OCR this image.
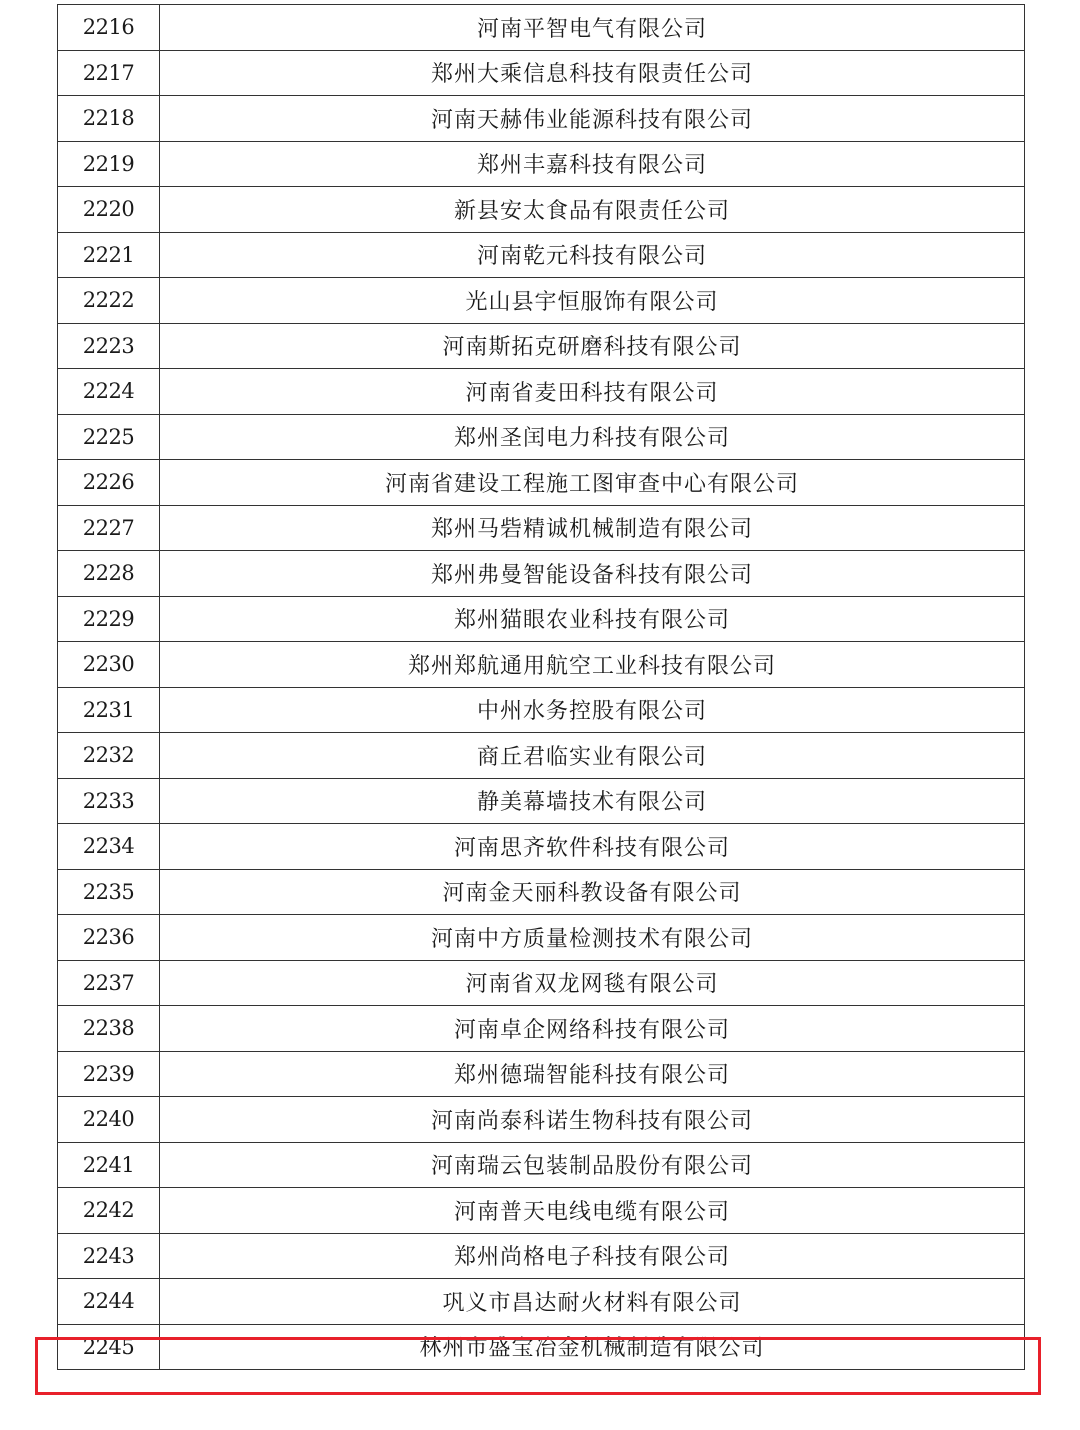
2216	河南平智电气有限公司
2217	郑州大乘信息科技有限责任公司
2218	河南天赫伟业能源科技有限公司
2219	郑州丰嘉科技有限公司
2220	新县安太食品有限责任公司
2221	河南乾元科技有限公司
2222	光山县宇恒服饰有限公司
2223	河南斯拓克研磨科技有限公司
2224	河南省麦田科技有限公司
2225	郑州圣闰电力科技有限公司
2226	河南省建设工程施工图审查中心有限公司
2227	郑州马砦精诚机械制造有限公司
2228	郑州弗曼智能设备科技有限公司
2229	郑州猫眼农业科技有限公司
2230	郑州郑航通用航空工业科技有限公司
2231	中州水务控股有限公司
2232	商丘君临实业有限公司
2233	静美幕墙技术有限公司
2234	河南思齐软件科技有限公司
2235	河南金天丽科教设备有限公司
2236	河南中方质量检测技术有限公司
2237	河南省双龙网毯有限公司
2238	河南卓企网络科技有限公司
2239	郑州德瑞智能科技有限公司
2240	河南尚泰科诺生物科技有限公司
2241	河南瑞云包装制品股份有限公司
2242	河南普天电线电缆有限公司
2243	郑州尚格电子科技有限公司
2244	巩义市昌达耐火材料有限公司
2245	林州市盛宝冶金机械制造有限公司
